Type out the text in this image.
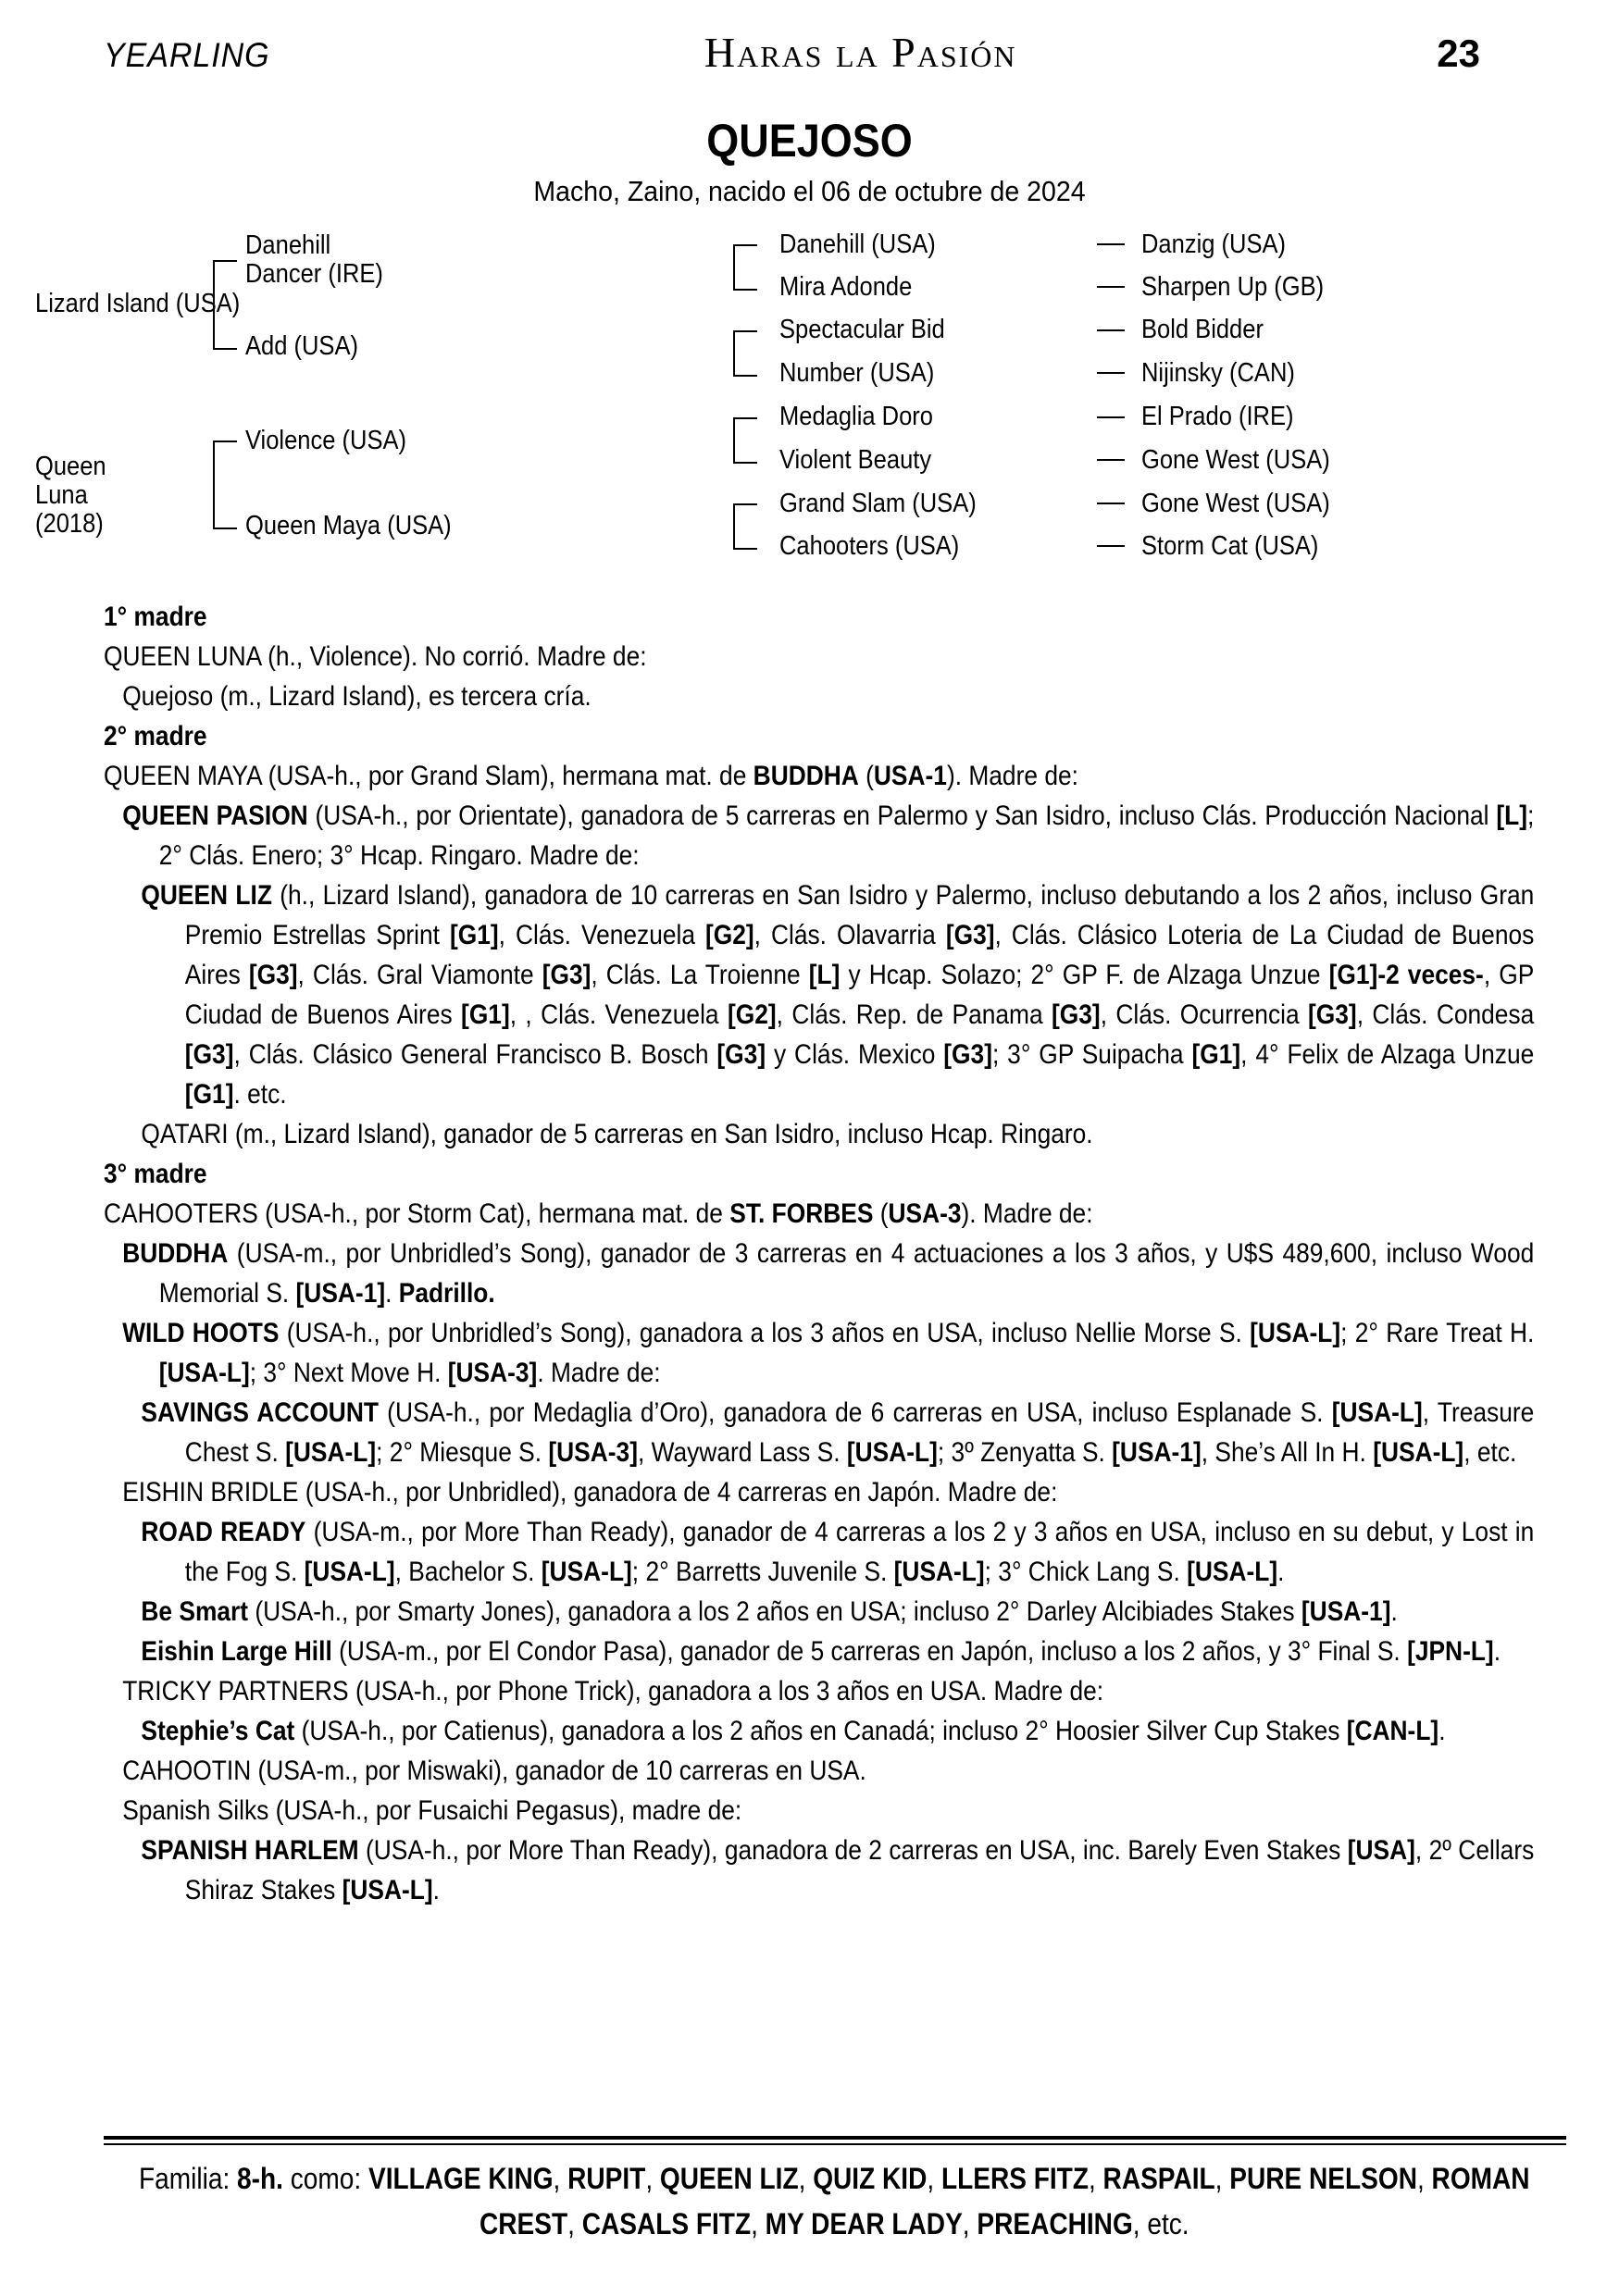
YEARLING	Haras la Pasión	23
QUEJOSO
Macho, Zaino, nacido el 06 de octubre de 2024
Lizard Island (USA)
Queen Luna (2018)
Danehill Dancer (IRE)
Add (USA)
Violence (USA)
Queen Maya (USA)
Danehill (USA)
Mira Adonde
Spectacular Bid
Number (USA)
Medaglia Doro
Violent Beauty
Grand Slam (USA)
Cahooters (USA)
Danzig (USA)
Sharpen Up (GB)
Bold Bidder
Nijinsky (CAN)
El Prado (IRE)
Gone West (USA)
Gone West (USA)
Storm Cat (USA)

1° madre

QUEEN LUNA (h., Violence). No corrió. Madre de:

Quejoso (m., Lizard Island), es tercera cría.

2° madre

QUEEN MAYA (USA-h., por Grand Slam), hermana mat. de BUDDHA (USA-1). Madre de:

QUEEN PASION (USA-h., por Orientate), ganadora de 5 carreras en Palermo y San Isidro, incluso Clás. Producción Nacional [L]; 2° Clás. Enero; 3° Hcap. Ringaro. Madre de:

QUEEN LIZ (h., Lizard Island), ganadora de 10 carreras en San Isidro y Palermo, incluso debutando a los 2 años, incluso Gran Premio Estrellas Sprint [G1], Clás. Venezuela [G2], Clás. Olavarria [G3], Clás. Clásico Loteria de La Ciudad de Buenos Aires [G3], Clás. Gral Viamonte [G3], Clás. La Troienne [L] y Hcap. Solazo; 2° GP F. de Alzaga Unzue [G1]-2 veces-, GP Ciudad de Buenos Aires [G1], , Clás. Venezuela [G2], Clás. Rep. de Panama [G3], Clás. Ocurrencia [G3], Clás. Condesa [G3], Clás. Clásico General Francisco B. Bosch [G3] y Clás. Mexico [G3]; 3° GP Suipacha [G1], 4° Felix de Alzaga Unzue [G1]. etc.

QATARI (m., Lizard Island), ganador de 5 carreras en San Isidro, incluso Hcap. Ringaro.

3° madre

CAHOOTERS (USA-h., por Storm Cat), hermana mat. de ST. FORBES (USA-3). Madre de:

BUDDHA (USA-m., por Unbridled’s Song), ganador de 3 carreras en 4 actuaciones a los 3 años, y U$S 489,600, incluso Wood Memorial S. [USA-1]. Padrillo.

WILD HOOTS (USA-h., por Unbridled’s Song), ganadora a los 3 años en USA, incluso Nellie Morse S. [USA-L]; 2° Rare Treat H. [USA-L]; 3° Next Move H. [USA-3]. Madre de:

SAVINGS ACCOUNT (USA-h., por Medaglia d’Oro), ganadora de 6 carreras en USA, incluso Esplanade S. [USA-L], Treasure Chest S. [USA-L]; 2° Miesque S. [USA-3], Wayward Lass S. [USA-L]; 3º Zenyatta S. [USA-1], She’s All In H. [USA-L], etc.

EISHIN BRIDLE (USA-h., por Unbridled), ganadora de 4 carreras en Japón. Madre de:

ROAD READY (USA-m., por More Than Ready), ganador de 4 carreras a los 2 y 3 años en USA, incluso en su debut, y Lost in the Fog S. [USA-L], Bachelor S. [USA-L]; 2° Barretts Juvenile S. [USA-L]; 3° Chick Lang S. [USA-L].

Be Smart (USA-h., por Smarty Jones), ganadora a los 2 años en USA; incluso 2° Darley Alcibiades Stakes [USA-1].

Eishin Large Hill (USA-m., por El Condor Pasa), ganador de 5 carreras en Japón, incluso a los 2 años, y 3° Final S. [JPN-L].

TRICKY PARTNERS (USA-h., por Phone Trick), ganadora a los 3 años en USA. Madre de:

Stephie’s Cat (USA-h., por Catienus), ganadora a los 2 años en Canadá; incluso 2° Hoosier Silver Cup Stakes [CAN-L].

CAHOOTIN (USA-m., por Miswaki), ganador de 10 carreras en USA.

Spanish Silks (USA-h., por Fusaichi Pegasus), madre de:

SPANISH HARLEM (USA-h., por More Than Ready), ganadora de 2 carreras en USA, inc. Barely Even Stakes [USA], 2º Cellars Shiraz Stakes [USA-L].

Familia: 8-h. como: VILLAGE KING, RUPIT, QUEEN LIZ, QUIZ KID, LLERS FITZ, RASPAIL, PURE NELSON, ROMAN CREST, CASALS FITZ, MY DEAR LADY, PREACHING, etc.
